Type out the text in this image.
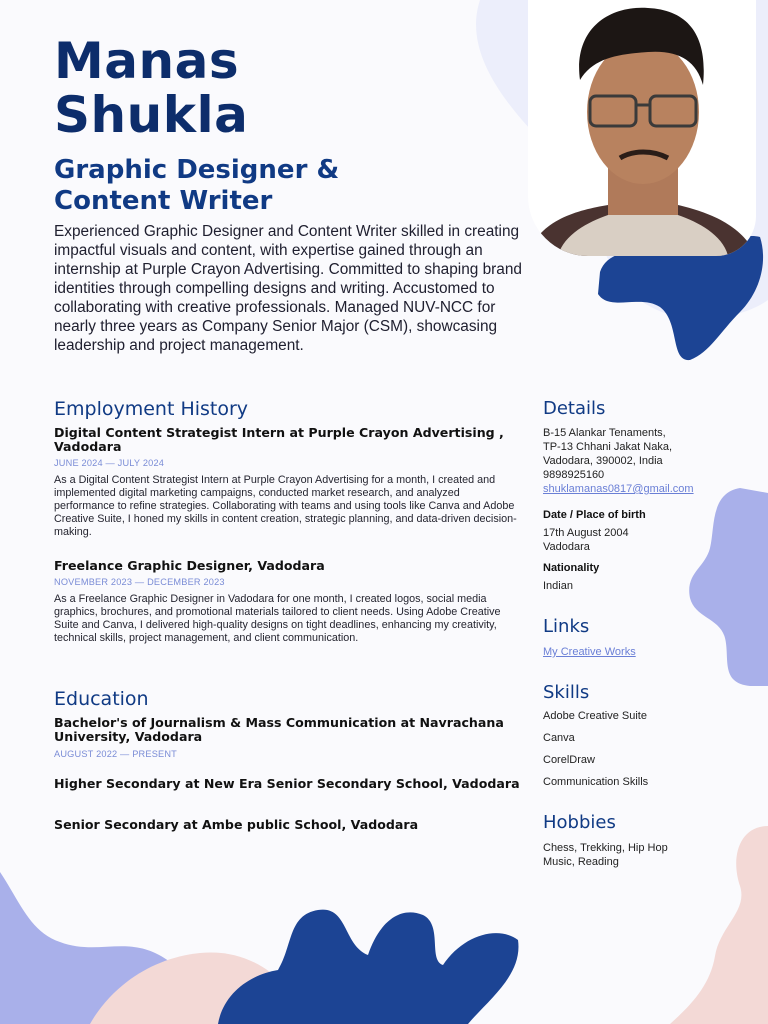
Manas
Shukla
Graphic Designer &
Content Writer
Experienced Graphic Designer and Content Writer skilled in creating impactful visuals and content, with expertise gained through an internship at Purple Crayon Advertising. Committed to shaping brand identities through compelling designs and writing. Accustomed to collaborating with creative professionals. Managed NUV-NCC for nearly three years as Company Senior Major (CSM), showcasing leadership and project management.
Employment History
Digital Content Strategist Intern at Purple Crayon Advertising , Vadodara
JUNE 2024 — JULY 2024
As a Digital Content Strategist Intern at Purple Crayon Advertising for a month, I created and implemented digital marketing campaigns, conducted market research, and analyzed performance to refine strategies. Collaborating with teams and using tools like Canva and Adobe Creative Suite, I honed my skills in content creation, strategic planning, and data-driven decision-making.
Freelance Graphic Designer, Vadodara
NOVEMBER 2023 — DECEMBER 2023
As a Freelance Graphic Designer in Vadodara for one month, I created logos, social media graphics, brochures, and promotional materials tailored to client needs. Using Adobe Creative Suite and Canva, I delivered high-quality designs on tight deadlines, enhancing my creativity, technical skills, project management, and client communication.
Education
Bachelor's of Journalism & Mass Communication at Navrachana University, Vadodara
AUGUST 2022 — PRESENT
Higher Secondary at New Era Senior Secondary School, Vadodara
Senior Secondary at Ambe public School, Vadodara
Details
B-15 Alankar Tenaments,
TP-13 Chhani Jakat Naka,
Vadodara, 390002, India
9898925160
shuklamanas0817@gmail.com
Date / Place of birth
17th August 2004
Vadodara
Nationality
Indian
Links
My Creative Works
Skills
Adobe Creative Suite
Canva
CorelDraw
Communication Skills
Hobbies
Chess, Trekking, Hip Hop
Music, Reading
